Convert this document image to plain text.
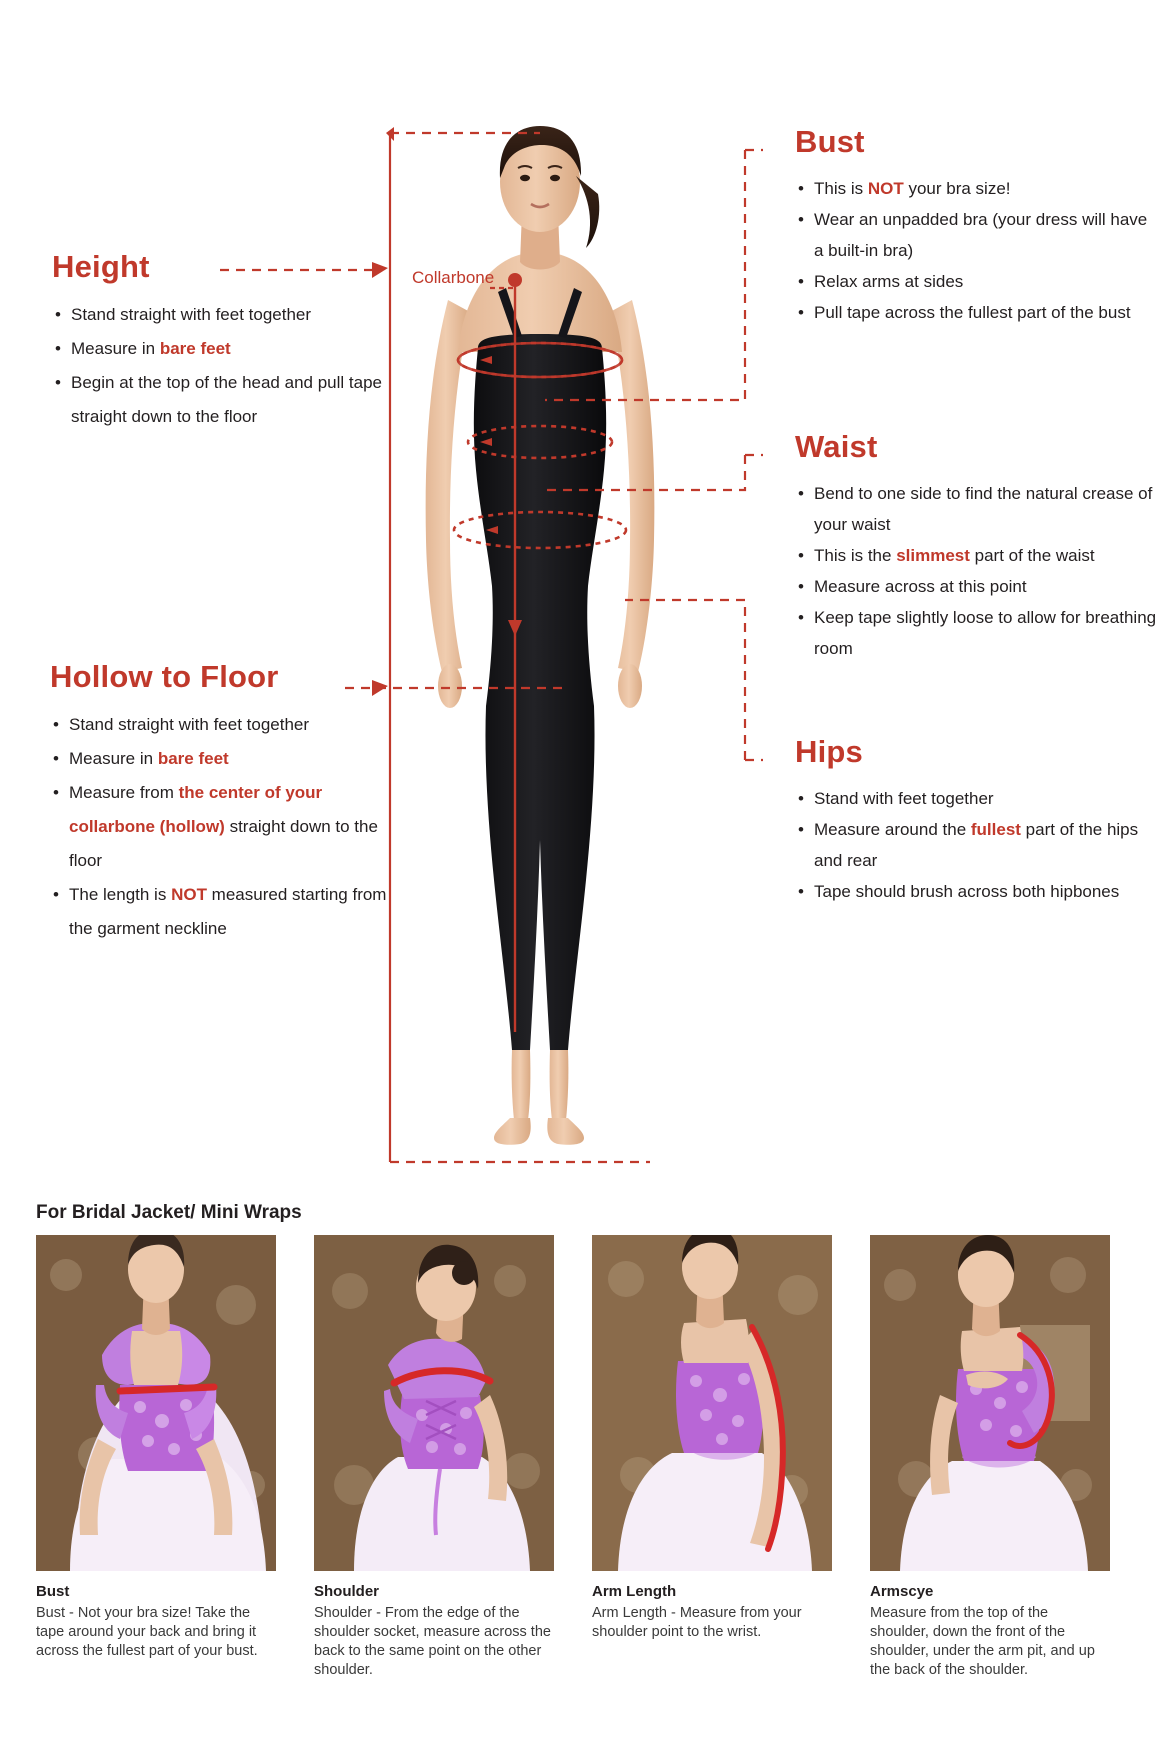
Collarbone
Height
• Stand straight with feet together
• Measure in bare feet
• Begin at the top of the head and pull tape straight down to the floor
Hollow to Floor
• Stand straight with feet together
• Measure in bare feet
• Measure from the center of your collarbone (hollow) straight down to the floor
• The length is NOT measured starting from the garment neckline
Bust
• This is NOT your bra size!
• Wear an unpadded bra (your dress will have a built-in bra)
• Relax arms at sides
• Pull tape across the fullest part of the bust
Waist
• Bend to one side to find the natural crease of your waist
• This is the slimmest part of the waist
• Measure across at this point
• Keep tape slightly loose to allow for breathing room
Hips
• Stand with feet together
• Measure around the fullest part of the hips and rear
• Tape should brush across both hipbones
For Bridal Jacket/ Mini Wraps
Bust

Bust - Not your bra size! Take the tape around your back and bring it across the fullest part of your bust.

Shoulder

Shoulder - From the edge of the shoulder socket, measure across the back to the same point on the other shoulder.

Arm Length

Arm Length - Measure from your shoulder point to the wrist.

Armscye

Measure from the top of the shoulder, down the front of the shoulder, under the arm pit, and up the back of the shoulder.
